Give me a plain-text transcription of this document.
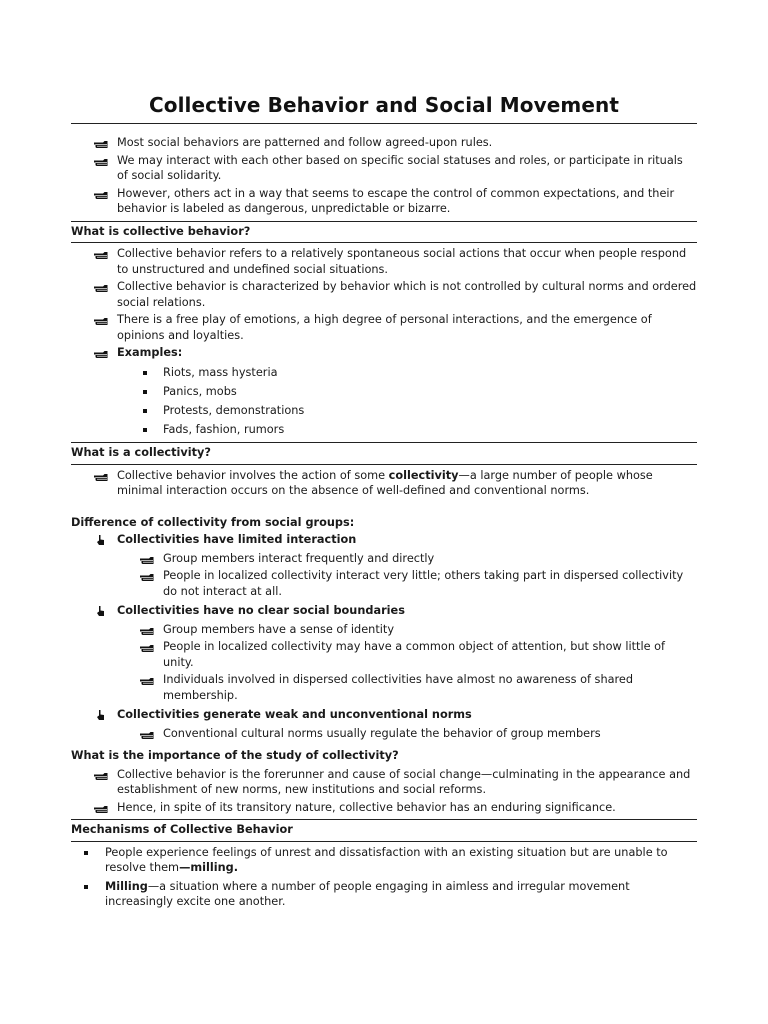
Collective Behavior and Social Movement
Most social behaviors are patterned and follow agreed-upon rules.
We may interact with each other based on specific social statuses and roles, or participate in rituals of social solidarity.
However, others act in a way that seems to escape the control of common expectations, and their behavior is labeled as dangerous, unpredictable or bizarre.
What is collective behavior?
Collective behavior refers to a relatively spontaneous social actions that occur when people respond to unstructured and undefined social situations.
Collective behavior is characterized by behavior which is not controlled by cultural norms and ordered social relations.
There is a free play of emotions, a high degree of personal interactions, and the emergence of opinions and loyalties.
Examples:
Riots, mass hysteria
Panics, mobs
Protests, demonstrations
Fads, fashion, rumors
What is a collectivity?
Collective behavior involves the action of some collectivity—a large number of people whose minimal interaction occurs on the absence of well-defined and conventional norms.
Difference of collectivity from social groups:
Collectivities have limited interaction
Group members interact frequently and directly
People in localized collectivity interact very little; others taking part in dispersed collectivity do not interact at all.
Collectivities have no clear social boundaries
Group members have a sense of identity
People in localized collectivity may have a common object of attention, but show little of unity.
Individuals involved in dispersed collectivities have almost no awareness of shared membership.
Collectivities generate weak and unconventional norms
Conventional cultural norms usually regulate the behavior of group members
What is the importance of the study of collectivity?
Collective behavior is the forerunner and cause of social change—culminating in the appearance and establishment of new norms, new institutions and social reforms.
Hence, in spite of its transitory nature, collective behavior has an enduring significance.
Mechanisms of Collective Behavior
People experience feelings of unrest and dissatisfaction with an existing situation but are unable to resolve them—milling.
Milling—a situation where a number of people engaging in aimless and irregular movement increasingly excite one another.
